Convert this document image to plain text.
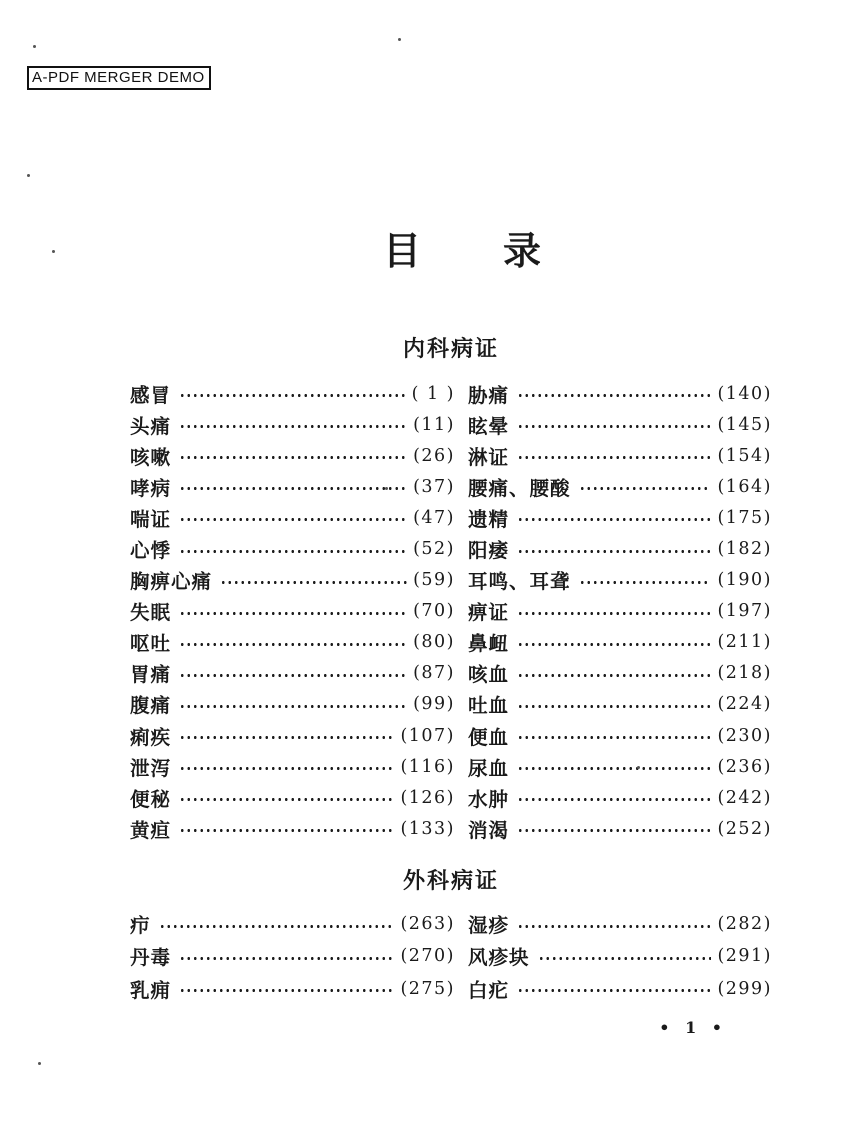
A-PDF MERGER DEMO
目　　录
内科病证
感冒	( 1 )
头痛	(11)
咳嗽	(26)
哮病	(37)
喘证	(47)
心悸	(52)
胸痹心痛	(59)
失眠	(70)
呕吐	(80)
胃痛	(87)
腹痛	(99)
痢疾	(107)
泄泻	(116)
便秘	(126)
黄疸	(133)
胁痛	(140)
眩晕	(145)
淋证	(154)
腰痛、腰酸	(164)
遗精	(175)
阳痿	(182)
耳鸣、耳聋	(190)
痹证	(197)
鼻衄	(211)
咳血	(218)
吐血	(224)
便血	(230)
尿血	(236)
水肿	(242)
消渴	(252)
外科病证
疖	(263)
丹毒	(270)
乳痈	(275)
湿疹	(282)
风疹块	(291)
白疕	(299)
• 1 •
